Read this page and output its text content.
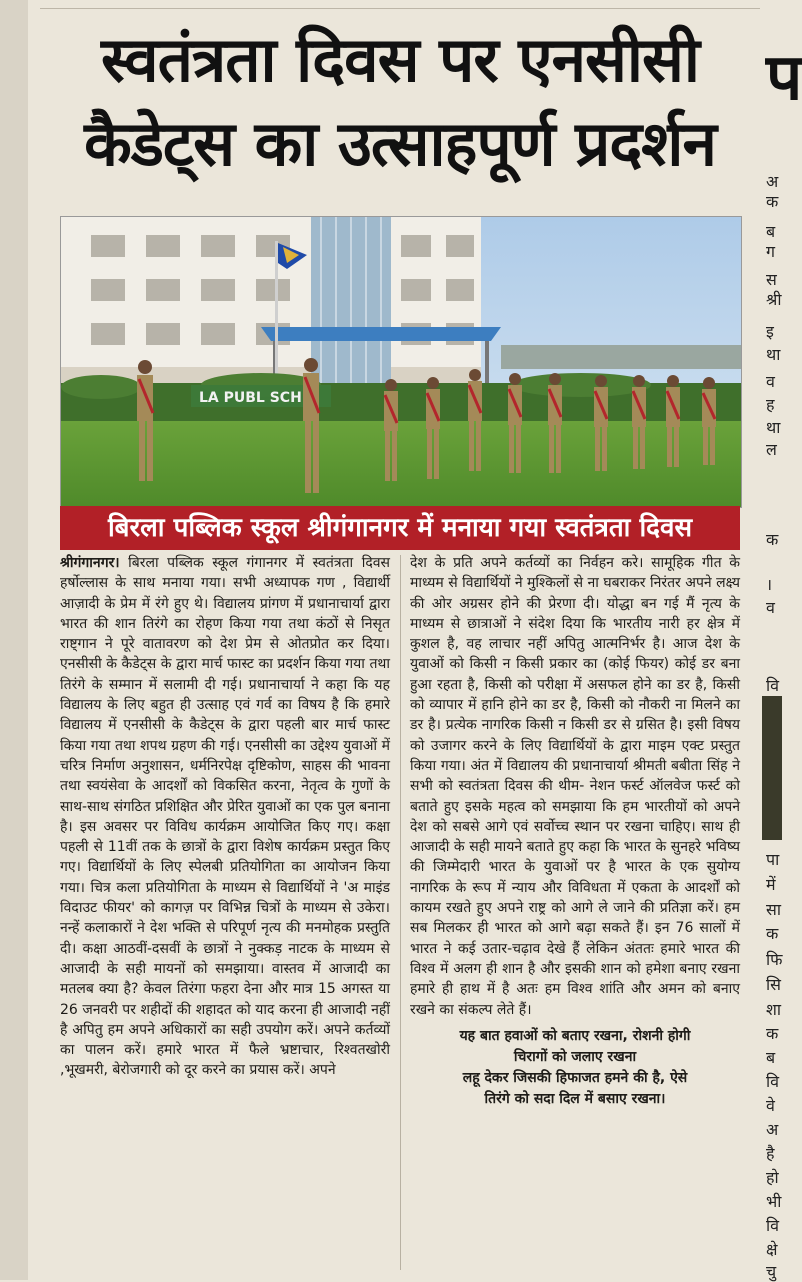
स्वतंत्रता दिवस पर एनसीसी
कैडेट्स का उत्साहपूर्ण प्रदर्शन
LA PUBL SCH
बिरला पब्लिक स्कूल श्रीगंगानगर में मनाया गया स्वतंत्रता दिवस

श्रीगंगानगर। बिरला पब्लिक स्कूल गंगानगर में स्वतंत्रता दिवस हर्षोल्लास के साथ मनाया गया। सभी अध्यापक गण , विद्यार्थी आज़ादी के प्रेम में रंगे हुए थे। विद्यालय प्रांगण में प्रधानाचार्या द्वारा भारत की शान तिरंगे का रोहण किया गया तथा कंठों से निसृत राष्ट्गान ने पूरे वातावरण को देश प्रेम से ओतप्रोत कर दिया। एनसीसी के कैडेट्स के द्वारा मार्च फास्ट का प्रदर्शन किया गया तथा तिरंगे के सम्मान में सलामी दी गई। प्रधानाचार्या ने कहा कि यह विद्यालय के लिए बहुत ही उत्साह एवं गर्व का विषय है कि हमारे विद्यालय में एनसीसी के कैडेट्स के द्वारा पहली बार मार्च फास्ट किया गया तथा शपथ ग्रहण की गई। एनसीसी का उद्देश्य युवाओं में चरित्र निर्माण अनुशासन, धर्मनिरपेक्ष दृष्टिकोण, साहस की भावना तथा स्वयंसेवा के आदर्शों को विकसित करना, नेतृत्व के गुणों के साथ-साथ संगठित प्रशिक्षित और प्रेरित युवाओं का एक पुल बनाना है। इस अवसर पर विविध कार्यक्रम आयोजित किए गए। कक्षा पहली से 11वीं तक के छात्रों के द्वारा विशेष कार्यक्रम प्रस्तुत किए गए। विद्यार्थियों के लिए स्पेलबी प्रतियोगिता का आयोजन किया गया। चित्र कला प्रतियोगिता के माध्यम से विद्यार्थियों ने 'अ माइंड विदाउट फीयर' को कागज़ पर विभिन्न चित्रों के माध्यम से उकेरा। नन्हें कलाकारों ने देश भक्ति से परिपूर्ण नृत्य की मनमोहक प्रस्तुति दी। कक्षा आठवीं-दसवीं के छात्रों ने नुक्कड़ नाटक के माध्यम से आजादी के सही मायनों को समझाया। वास्तव में आजादी का मतलब क्या है? केवल तिरंगा फहरा देना और मात्र 15 अगस्त या 26 जनवरी पर शहीदों की शहादत को याद करना ही आजादी नहीं है अपितु हम अपने अधिकारों का सही उपयोग करें। अपने कर्तव्यों का पालन करें। हमारे भारत में फैले भ्रष्टाचार, रिश्वतखोरी ,भूखमरी, बेरोजगारी को दूर करने का प्रयास करें। अपने

देश के प्रति अपने कर्तव्यों का निर्वहन करे। सामूहिक गीत के माध्यम से विद्यार्थियों ने मुश्किलों से ना घबराकर निरंतर अपने लक्ष्य की ओर अग्रसर होने की प्रेरणा दी। योद्धा बन गई मैं नृत्य के माध्यम से छात्राओं ने संदेश दिया कि भारतीय नारी हर क्षेत्र में कुशल है, वह लाचार नहीं अपितु आत्मनिर्भर है। आज देश के युवाओं को किसी न किसी प्रकार का (कोई फियर) कोई डर बना हुआ रहता है, किसी को परीक्षा में असफल होने का डर है, किसी को व्यापार में हानि होने का डर है, किसी को नौकरी ना मिलने का डर है। प्रत्येक नागरिक किसी न किसी डर से ग्रसित है। इसी विषय को उजागर करने के लिए विद्यार्थियों के द्वारा माइम एक्ट प्रस्तुत किया गया। अंत में विद्यालय की प्रधानाचार्या श्रीमती बबीता सिंह ने सभी को स्वतंत्रता दिवस की थीम- नेशन फर्स्ट ऑलवेज फर्स्ट को बताते हुए इसके महत्व को समझाया कि हम भारतीयों को अपने देश को सबसे आगे एवं सर्वोच्च स्थान पर रखना चाहिए। साथ ही आजादी के सही मायने बताते हुए कहा कि भारत के सुनहरे भविष्य की जिम्मेदारी भारत के युवाओं पर है भारत के एक सुयोग्य नागरिक के रूप में न्याय और विविधता में एकता के आदर्शों को कायम रखते हुए अपने राष्ट्र को आगे ले जाने की प्रतिज्ञा करें। हम सब मिलकर ही भारत को आगे बढ़ा सकते हैं। इन 76 सालों में भारत ने कई उतार-चढ़ाव देखे हैं लेकिन अंततः हमारे भारत की विश्व में अलग ही शान है और इसकी शान को हमेशा बनाए रखना हमारे ही हाथ में है अतः हम विश्व शांति और अमन को बनाए रखने का संकल्प लेते हैं।

यह बात हवाओं को बताए रखना, रोशनी होगी
चिरागों को जलाए रखना
लहू देकर जिसकी हिफाजत हमने की है, ऐसे
तिरंगे को सदा दिल में बसाए रखना।

प
अ
क
ब
ग
स
श्री
इ
था
व
ह
था
ल
क
।
व
वि
पा
में
सा
क
फि
सि
शा
क
ब
वि
वे
अ
है
हो
भी
वि
क्षे
चु
